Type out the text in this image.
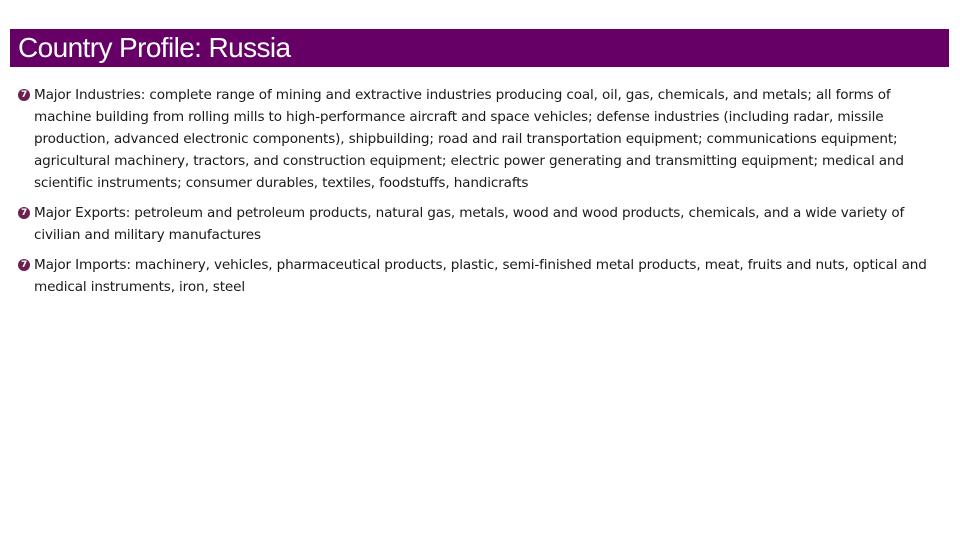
Country Profile: Russia
7 Major Industries: complete range of mining and extractive industries producing coal, oil, gas, chemicals, and metals; all forms of machine building from rolling mills to high-performance aircraft and space vehicles; defense industries (including radar, missile production, advanced electronic components), shipbuilding; road and rail transportation equipment; communications equipment; agricultural machinery, tractors, and construction equipment; electric power generating and transmitting equipment; medical and scientific instruments; consumer durables, textiles, foodstuffs, handicrafts
7 Major Exports: petroleum and petroleum products, natural gas, metals, wood and wood products, chemicals, and a wide variety of civilian and military manufactures
7 Major Imports: machinery, vehicles, pharmaceutical products, plastic, semi-finished metal products, meat, fruits and nuts, optical and medical instruments, iron, steel
